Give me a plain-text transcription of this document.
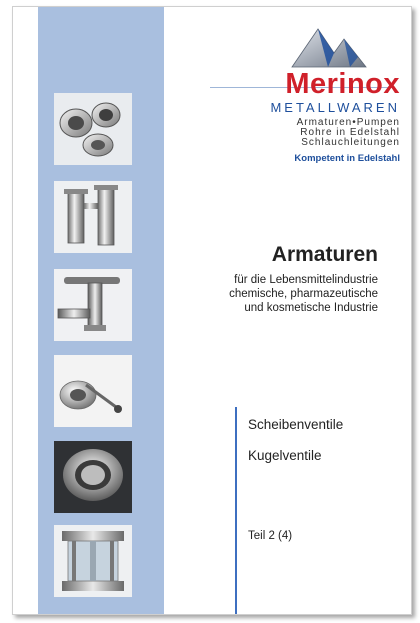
Merinox
METALLWAREN
Armaturen•Pumpen
Rohre in Edelstahl
Schlauchleitungen
Kompetent in Edelstahl
Armaturen
für die Lebensmittelindustrie
chemische, pharmazeutische
und kosmetische Industrie
Scheibenventile
Kugelventile
Teil 2 (4)
